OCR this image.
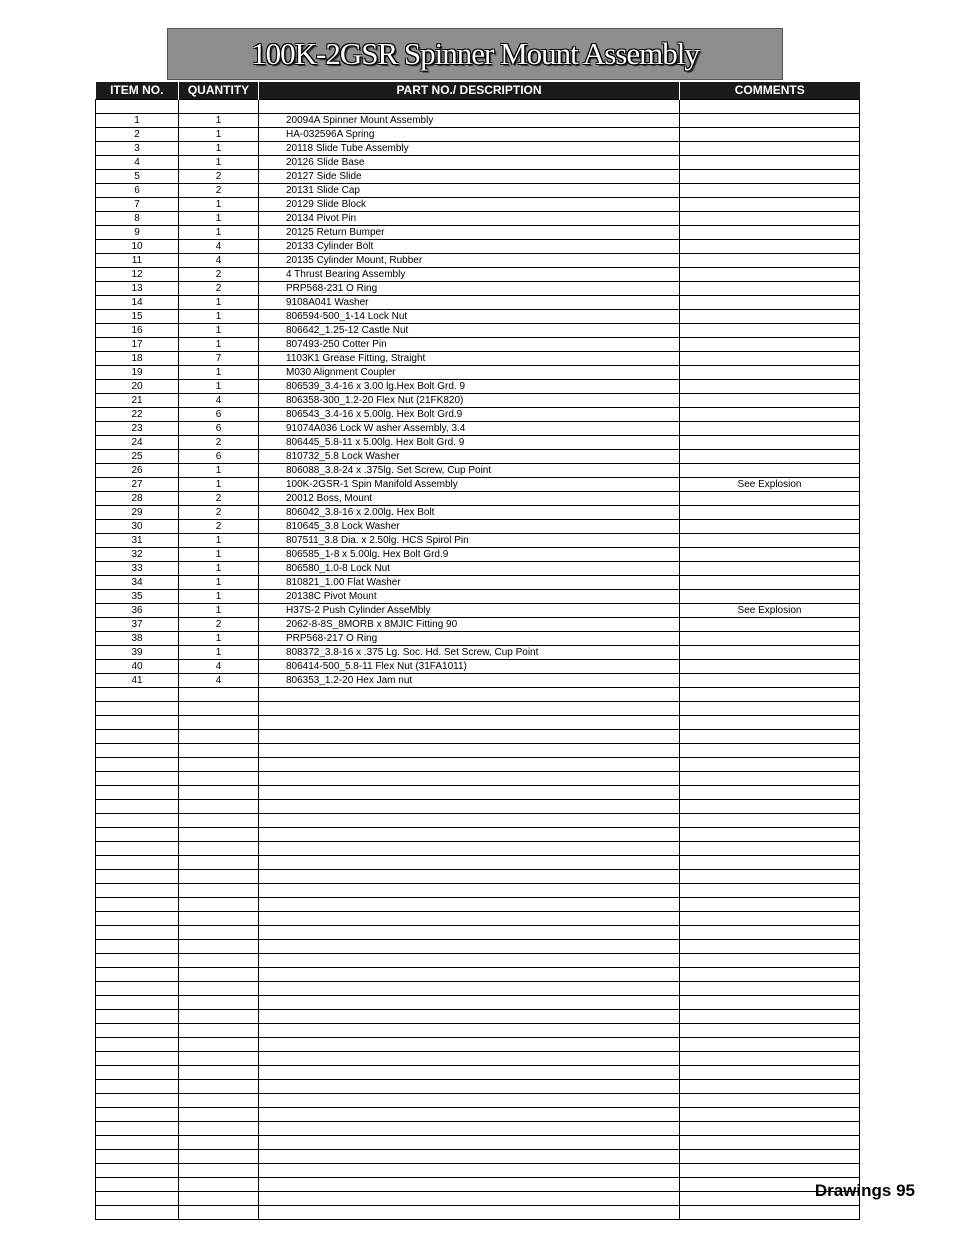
100K-2GSR Spinner Mount Assembly
ITEM NO.	QUANTITY	PART NO./ DESCRIPTION	COMMENTS

1	1	20094A Spinner Mount Assembly	
2	1	HA-032596A Spring	
3	1	20118 Slide Tube Assembly	
4	1	20126 Slide Base	
5	2	20127 Side Slide	
6	2	20131 Slide Cap	
7	1	20129 Slide Block	
8	1	20134 Pivot Pin	
9	1	20125 Return Bumper	
10	4	20133 Cylinder Bolt	
11	4	20135 Cylinder Mount, Rubber	
12	2	4 Thrust Bearing Assembly	
13	2	PRP568-231 O Ring	
14	1	9108A041 Washer	
15	1	806594-500_1-14 Lock Nut	
16	1	806642_1.25-12 Castle Nut	
17	1	807493-250 Cotter Pin	
18	7	1103K1 Grease Fitting, Straight	
19	1	M030 Alignment Coupler	
20	1	806539_3.4-16 x 3.00 lg.Hex Bolt Grd. 9	
21	4	806358-300_1.2-20 Flex Nut (21FK820)	
22	6	806543_3.4-16 x 5.00lg. Hex Bolt Grd.9	
23	6	91074A036 Lock W asher Assembly, 3.4	
24	2	806445_5.8-11 x 5.00lg. Hex Bolt Grd. 9	
25	6	810732_5.8 Lock Washer	
26	1	806088_3.8-24 x .375lg. Set Screw, Cup Point	
27	1	100K-2GSR-1 Spin Manifold Assembly	See Explosion
28	2	20012 Boss, Mount	
29	2	806042_3.8-16 x 2.00lg. Hex Bolt	
30	2	810645_3.8 Lock Washer	
31	1	807511_3.8 Dia. x 2.50lg. HCS Spirol Pin	
32	1	806585_1-8 x 5.00lg. Hex Bolt Grd.9	
33	1	806580_1.0-8 Lock Nut	
34	1	810821_1.00 Flat Washer	
35	1	20138C Pivot Mount	
36	1	H37S-2 Push Cylinder AsseMbly	See Explosion
37	2	2062-8-8S_8MORB x 8MJIC Fitting 90	
38	1	PRP568-217 O Ring	
39	1	808372_3.8-16 x .375 Lg. Soc. Hd. Set Screw, Cup Point	
40	4	806414-500_5.8-11 Flex Nut (31FA1011)	
41	4	806353_1.2-20 Hex Jam nut	

Drawings 95
